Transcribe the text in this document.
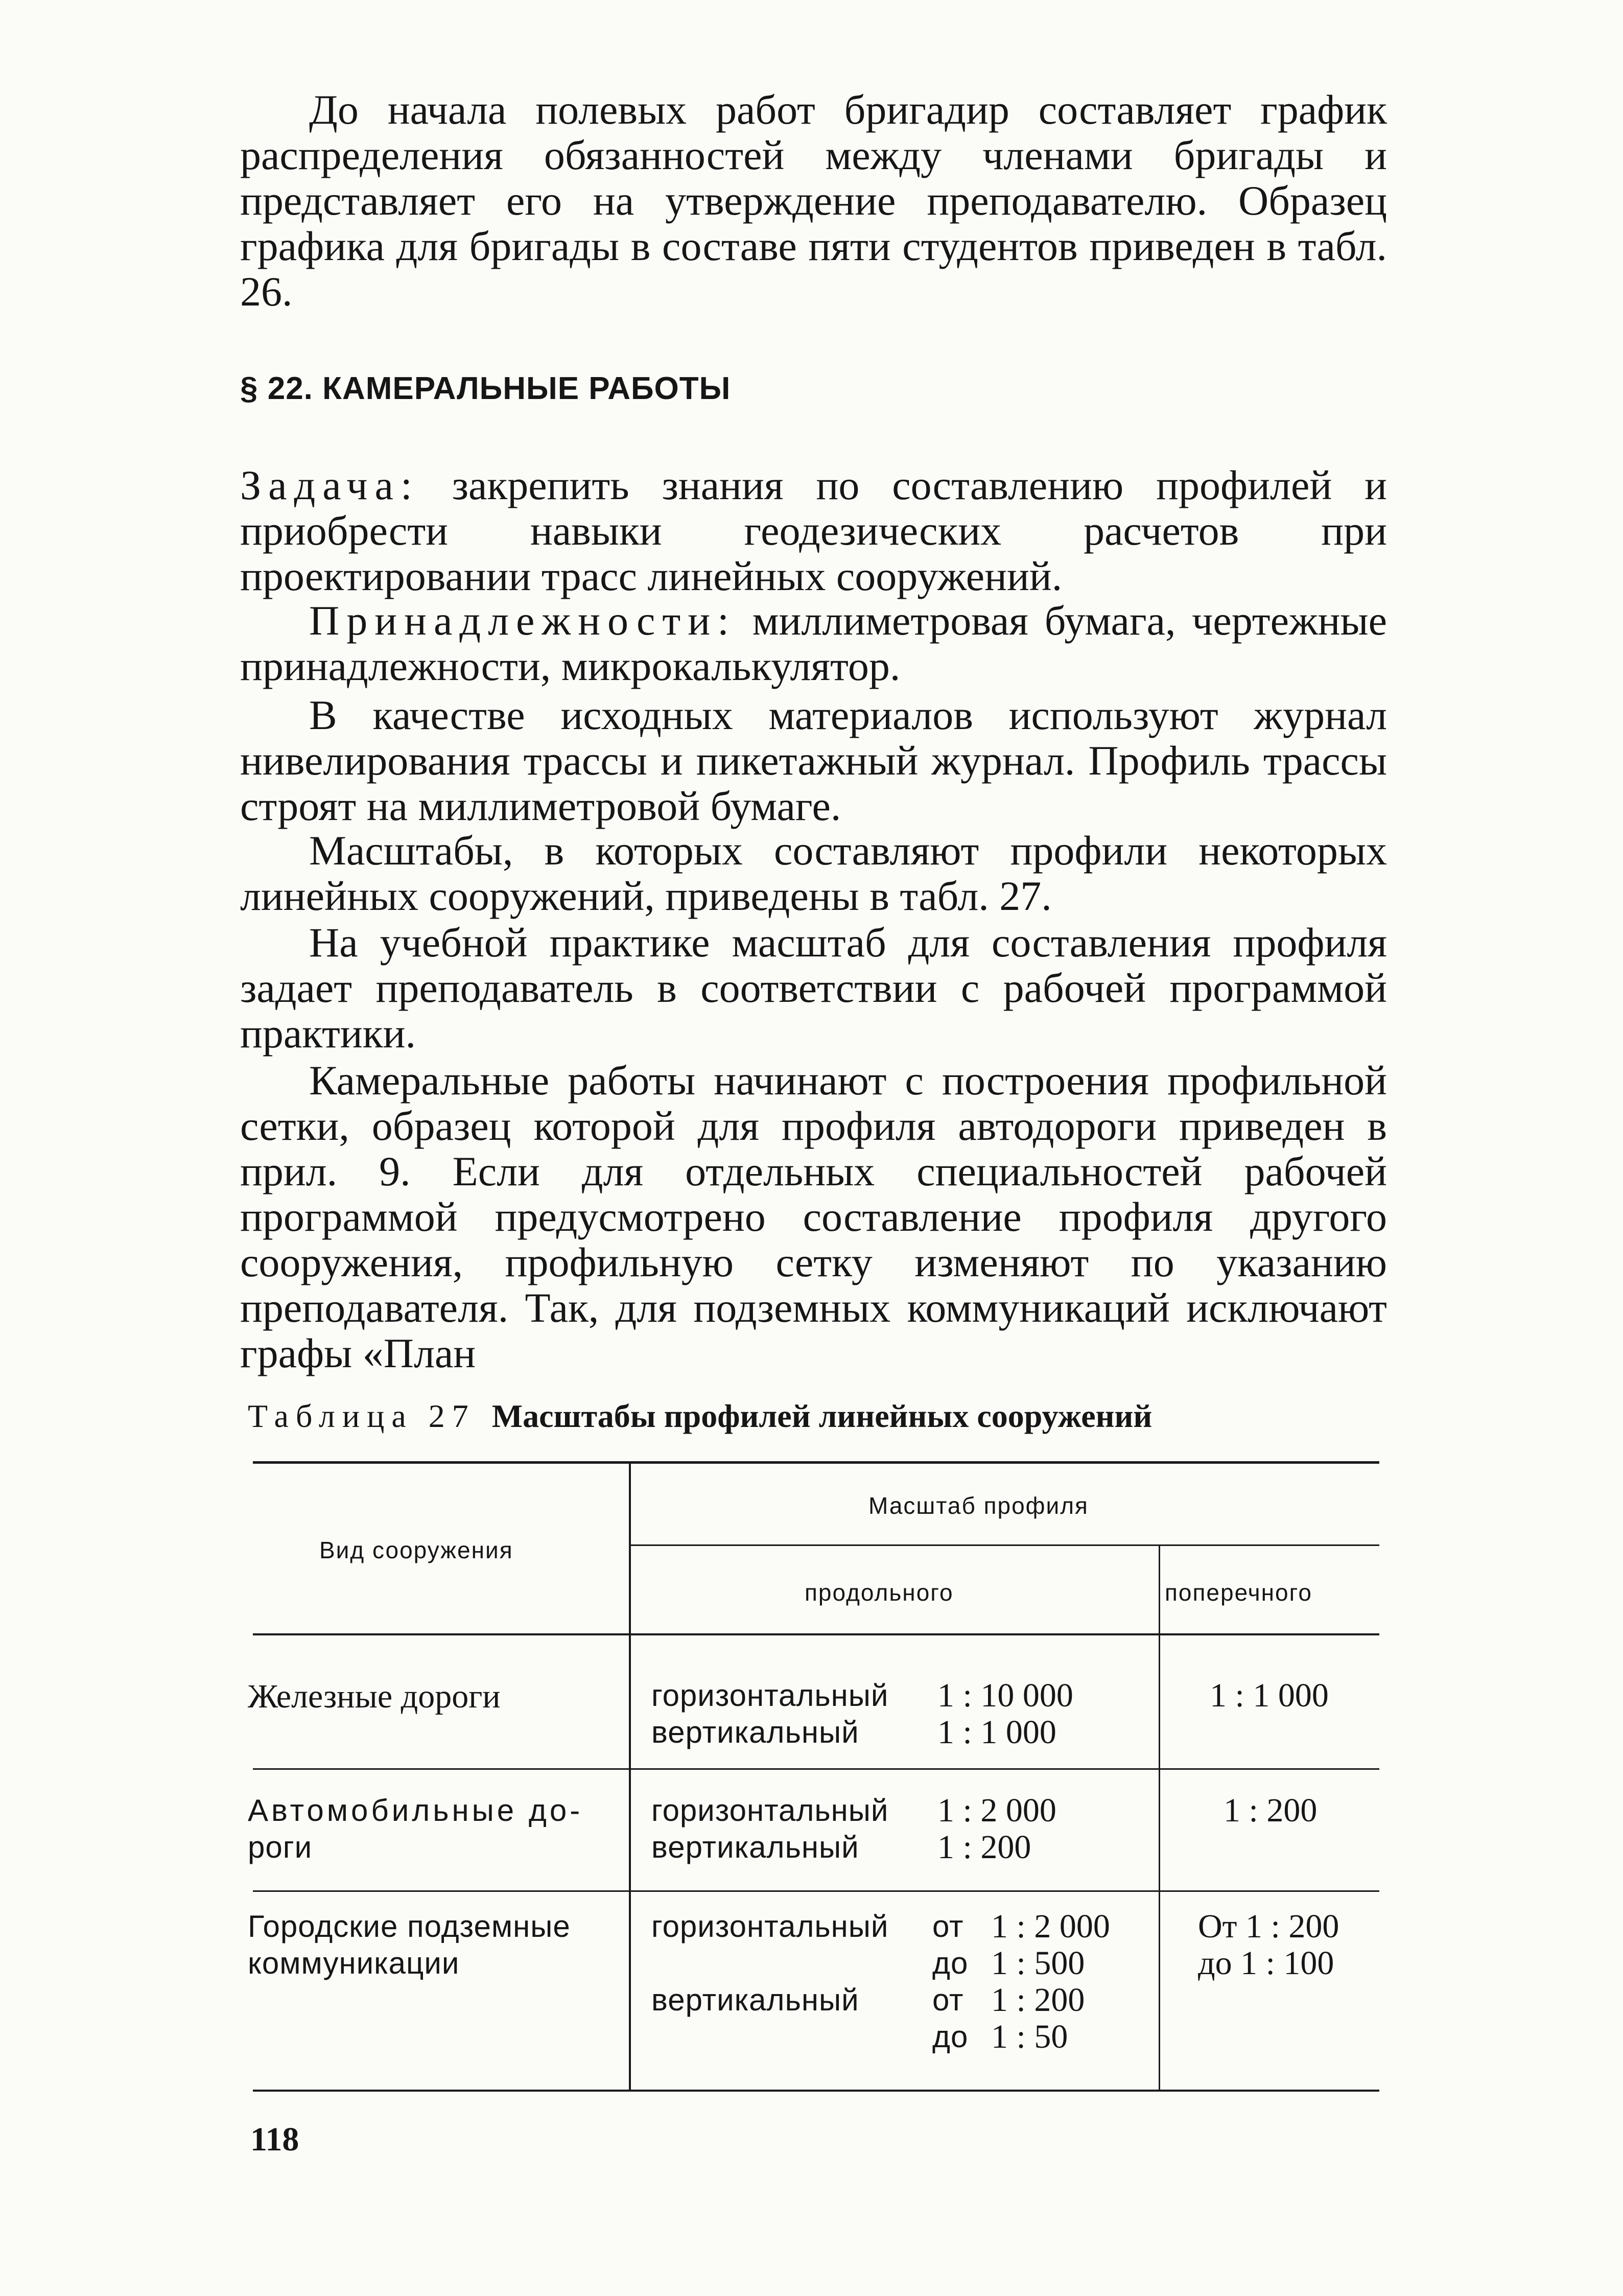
До начала полевых работ бригадир составляет график распределения обязанностей между членами бригады и представляет его на утверждение преподавателю. Образец графика для бригады в составе пяти студентов приведен в табл. 26.

§ 22. КАМЕРАЛЬНЫЕ РАБОТЫ

Задача: закрепить знания по составлению профилей и приобрести навыки геодезических расчетов при проектировании трасс линейных сооружений.

Принадлежности: миллиметровая бумага, чертежные принадлежности, микрокалькулятор.

В качестве исходных материалов используют журнал нивелирования трассы и пикетажный журнал. Профиль трассы строят на миллиметровой бумаге.

Масштабы, в которых составляют профили некоторых линейных сооружений, приведены в табл. 27.

На учебной практике масштаб для составления профиля задает преподаватель в соответствии с рабочей программой практики.

Камеральные работы начинают с построения профильной сетки, образец которой для профиля автодороги приведен в прил. 9. Если для отдельных специальностей рабочей программой предусмотрено составление профиля другого сооружения, профильную сетку изменяют по указанию преподавателя. Так, для подземных коммуникаций исключают графы «План

Таблица 27 Масштабы профилей линейных сооружений

Вид сооружения
Масштаб профиля
продольного	поперечного
Железные дороги	горизонтальный 1 : 10 000
вертикальный 1 : 1 000
1 : 1 000
Автомобильные до-
роги
горизонтальный 1 : 2 000
вертикальный 1 : 200
1 : 200
Городские подземные
коммуникации
горизонтальный от 1 : 2 000
до 1 : 500
вертикальный от 1 : 200
до 1 : 50
От 1 : 200
до 1 : 100
118
